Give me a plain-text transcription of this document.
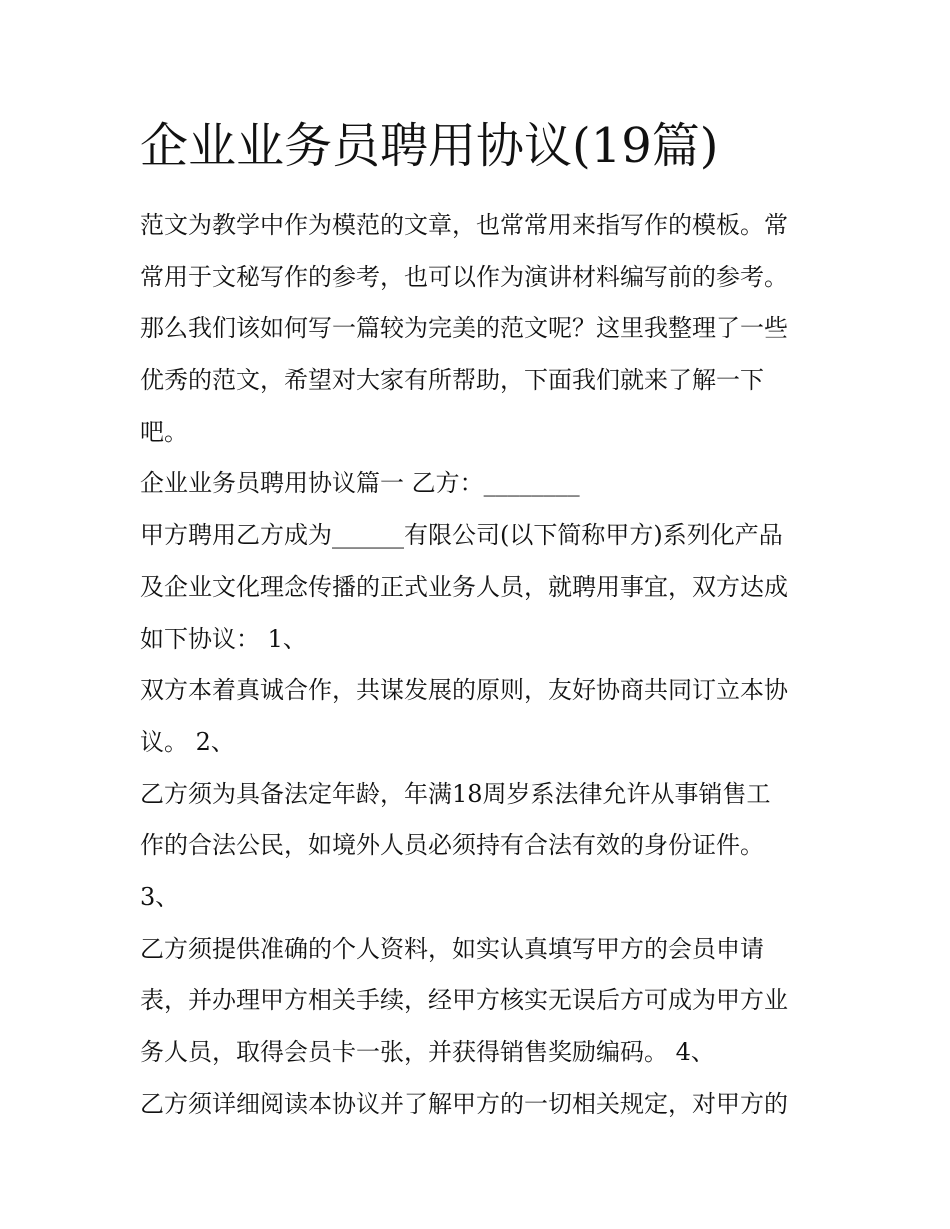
企业业务员聘用协议(19篇)
范文为教学中作为模范的文章，也常常用来指写作的模板。常
常用于文秘写作的参考，也可以作为演讲材料编写前的参考。
那么我们该如何写一篇较为完美的范文呢？这里我整理了一些
优秀的范文，希望对大家有所帮助，下面我们就来了解一下
吧。
企业业务员聘用协议篇一 乙方：________
甲方聘用乙方成为______有限公司(以下简称甲方)系列化产品
及企业文化理念传播的正式业务人员，就聘用事宜，双方达成
如下协议： 1、
双方本着真诚合作，共谋发展的原则，友好协商共同订立本协
议。 2、
乙方须为具备法定年龄，年满18周岁系法律允许从事销售工
作的合法公民，如境外人员必须持有合法有效的身份证件。
3、
乙方须提供准确的个人资料，如实认真填写甲方的会员申请
表，并办理甲方相关手续，经甲方核实无误后方可成为甲方业
务人员，取得会员卡一张，并获得销售奖励编码。 4、
乙方须详细阅读本协议并了解甲方的一切相关规定，对甲方的
